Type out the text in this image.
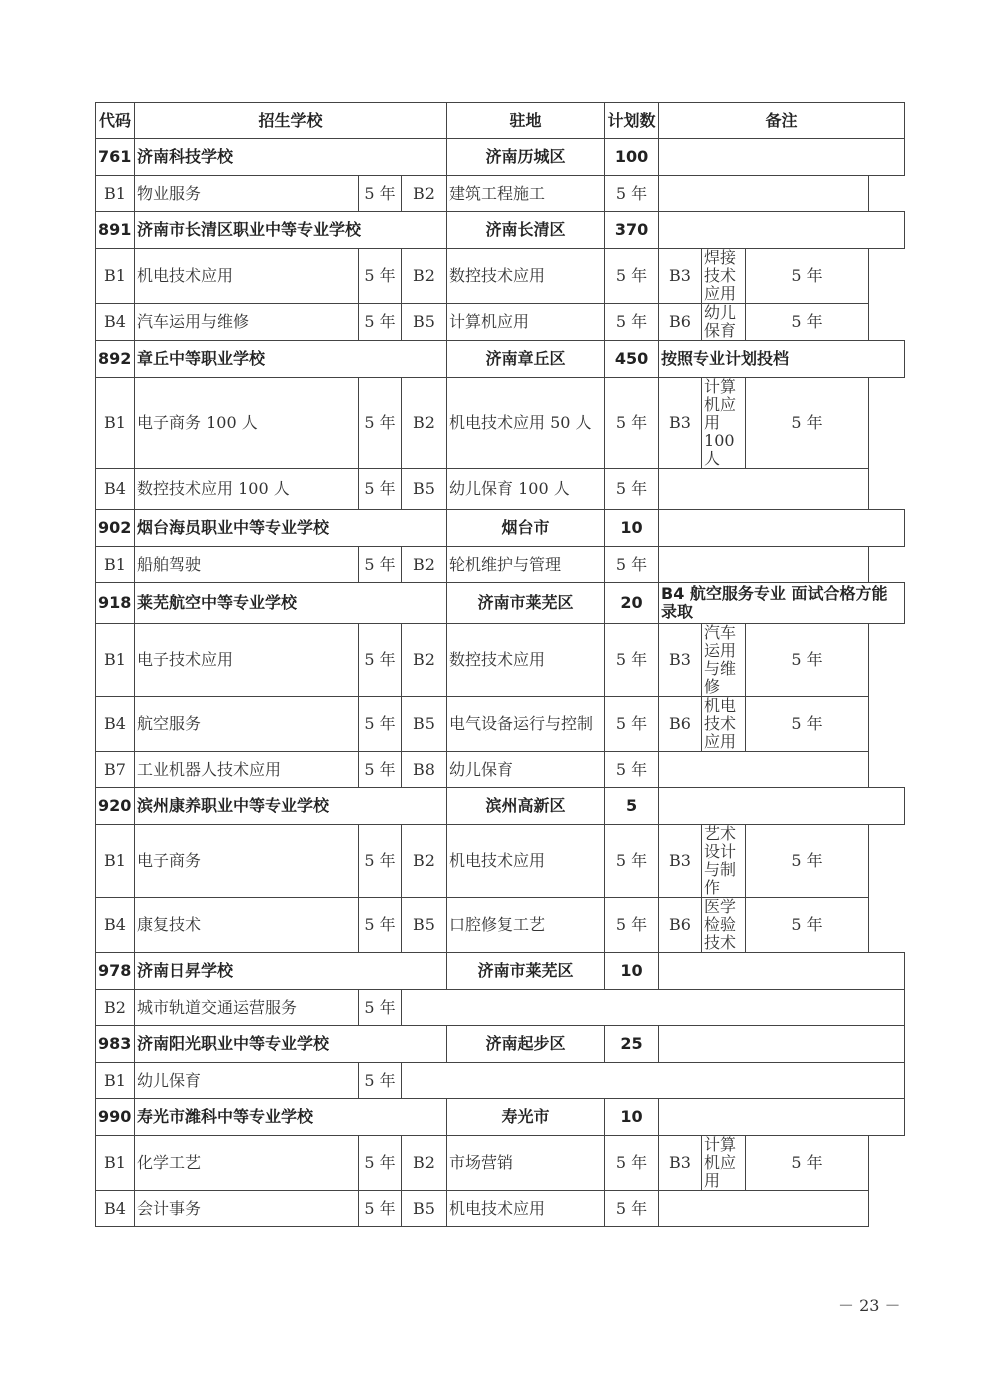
代码	招生学校			驻地	计划数	备注		
761	济南科技学校			济南历城区	100			
B1	物业服务	5 年	B2	建筑工程施工	5 年			
891	济南市长清区职业中等专业学校			济南长清区	370			
B1	机电技术应用	5 年	B2	数控技术应用	5 年	B3	焊接技术应用	5 年
B4	汽车运用与维修	5 年	B5	计算机应用	5 年	B6	幼儿保育	5 年
892	章丘中等职业学校			济南章丘区	450	按照专业计划投档		
B1	电子商务 100 人	5 年	B2	机电技术应用 50 人	5 年	B3	计算机应用 100 人	5 年
B4	数控技术应用 100 人	5 年	B5	幼儿保育 100 人	5 年			
902	烟台海员职业中等专业学校			烟台市	10			
B1	船舶驾驶	5 年	B2	轮机维护与管理	5 年			
918	莱芜航空中等专业学校			济南市莱芜区	20	B4 航空服务专业 面试合格方能录取		
B1	电子技术应用	5 年	B2	数控技术应用	5 年	B3	汽车运用与维修	5 年
B4	航空服务	5 年	B5	电气设备运行与控制	5 年	B6	机电技术应用	5 年
B7	工业机器人技术应用	5 年	B8	幼儿保育	5 年			
920	滨州康养职业中等专业学校			滨州高新区	5			
B1	电子商务	5 年	B2	机电技术应用	5 年	B3	艺术设计与制作	5 年
B4	康复技术	5 年	B5	口腔修复工艺	5 年	B6	医学检验技术	5 年
978	济南日昇学校			济南市莱芜区	10			
B2	城市轨道交通运营服务	5 年						
983	济南阳光职业中等专业学校			济南起步区	25			
B1	幼儿保育	5 年						
990	寿光市潍科中等专业学校			寿光市	10			
B1	化学工艺	5 年	B2	市场营销	5 年	B3	计算机应用	5 年
B4	会计事务	5 年	B5	机电技术应用	5 年			
－ 23 －
